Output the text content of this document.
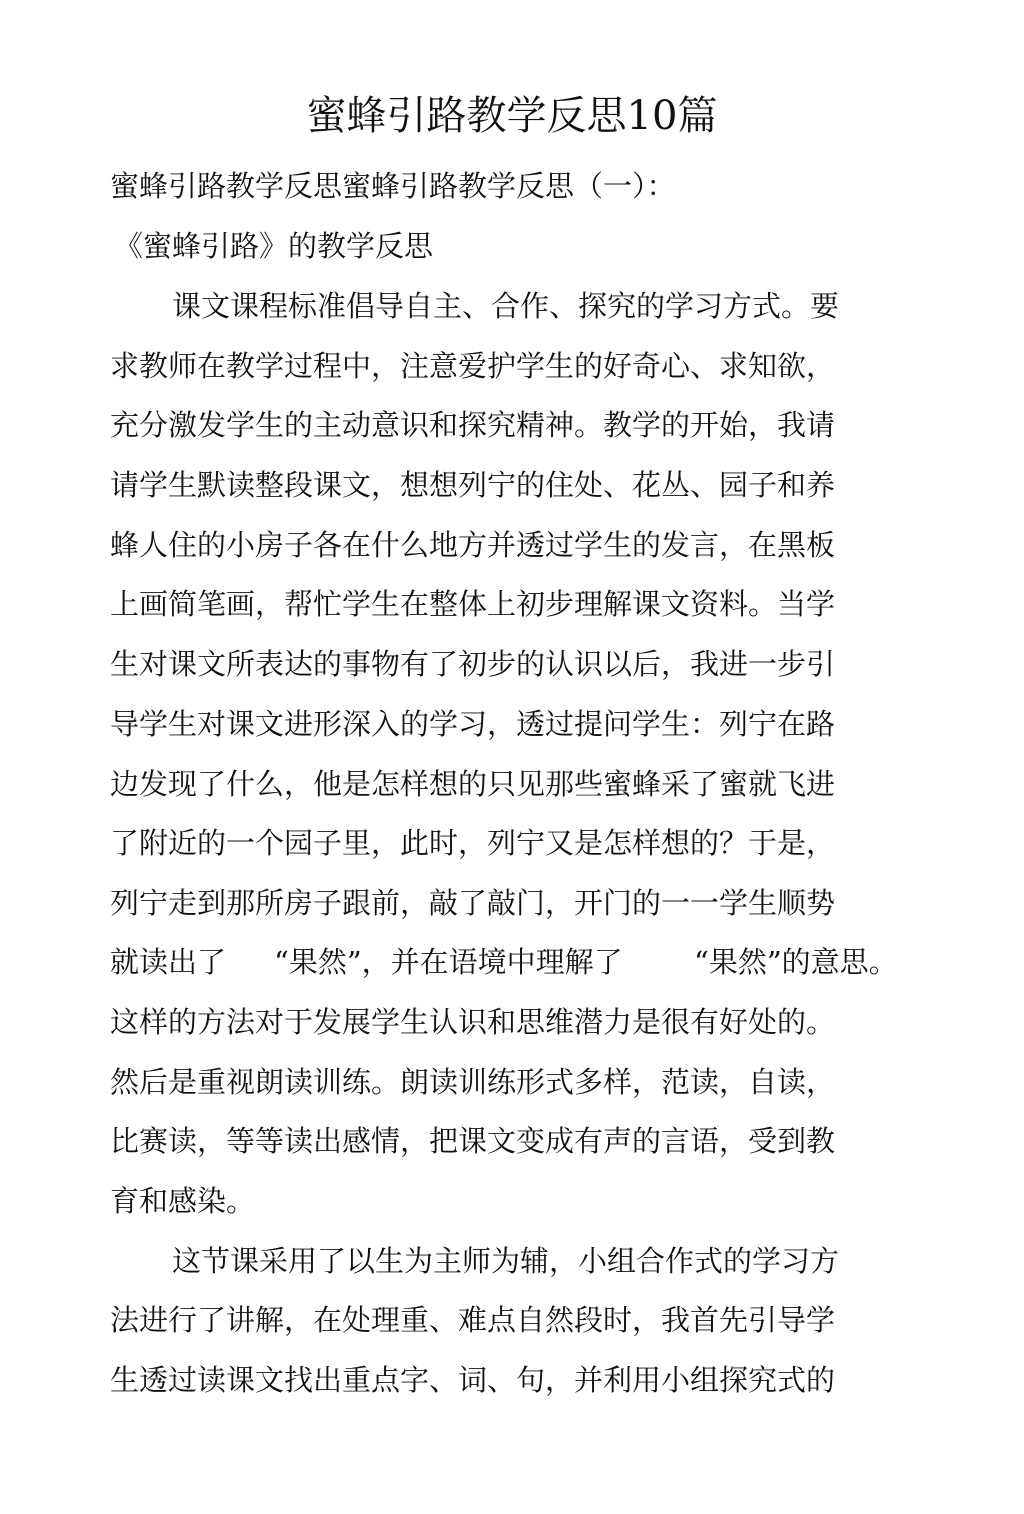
蜜蜂引路教学反思10篇

蜜蜂引路教学反思蜜蜂引路教学反思（一）：

《蜜蜂引路》的教学反思

课文课程标准倡导自主、合作、探究的学习方式。要

求教师在教学过程中，注意爱护学生的好奇心、求知欲，

充分激发学生的主动意识和探究精神。教学的开始，我请

请学生默读整段课文，想想列宁的住处、花丛、园子和养

蜂人住的小房子各在什么地方并透过学生的发言，在黑板

上画简笔画，帮忙学生在整体上初步理解课文资料。当学

生对课文所表达的事物有了初步的认识以后，我进一步引

导学生对课文进形深入的学习，透过提问学生：列宁在路

边发现了什么，他是怎样想的只见那些蜜蜂采了蜜就飞进

了附近的一个园子里，此时，列宁又是怎样想的？于是，

列宁走到那所房子跟前，敲了敲门，开门的一一学生顺势

就读出了 “果然”，并在语境中理解了 “果然”的意思。

这样的方法对于发展学生认识和思维潜力是很有好处的。

然后是重视朗读训练。朗读训练形式多样，范读，自读，

比赛读，等等读出感情，把课文变成有声的言语，受到教

育和感染。

这节课采用了以生为主师为辅，小组合作式的学习方

法进行了讲解，在处理重、难点自然段时，我首先引导学

生透过读课文找出重点字、词、句，并利用小组探究式的
